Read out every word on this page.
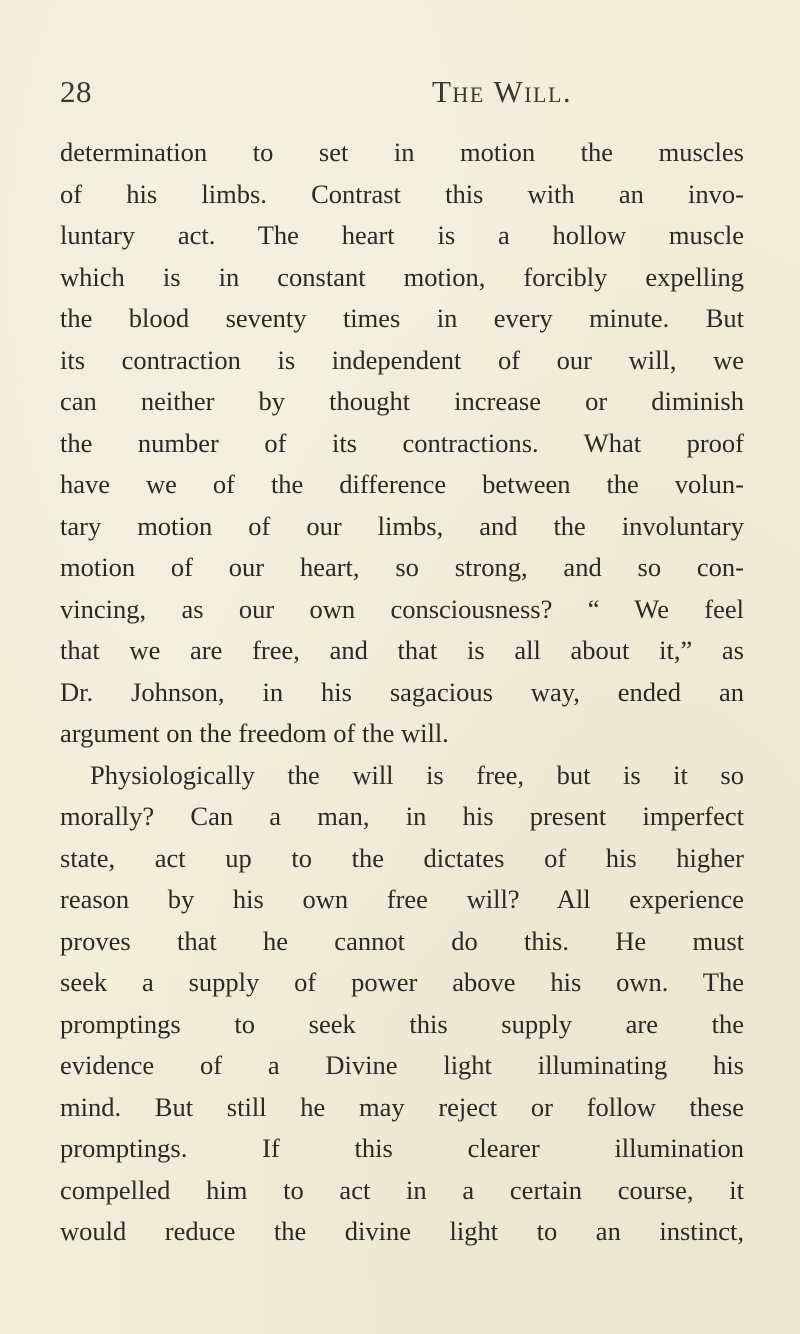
28	The Will.
determination to set in motion the muscles
of his limbs. Contrast this with an invo-
luntary act. The heart is a hollow muscle
which is in constant motion, forcibly expelling
the blood seventy times in every minute. But
its contraction is independent of our will, we
can neither by thought increase or diminish
the number of its contractions. What proof
have we of the difference between the volun-
tary motion of our limbs, and the involuntary
motion of our heart, so strong, and so con-
vincing, as our own consciousness? “ We feel
that we are free, and that is all about it,” as
Dr. Johnson, in his sagacious way, ended an
argument on the freedom of the will.
Physiologically the will is free, but is it so
morally? Can a man, in his present imperfect
state, act up to the dictates of his higher
reason by his own free will? All experience
proves that he cannot do this. He must
seek a supply of power above his own. The
promptings to seek this supply are the
evidence of a Divine light illuminating his
mind. But still he may reject or follow these
promptings. If this clearer illumination
compelled him to act in a certain course, it
would reduce the divine light to an instinct,
